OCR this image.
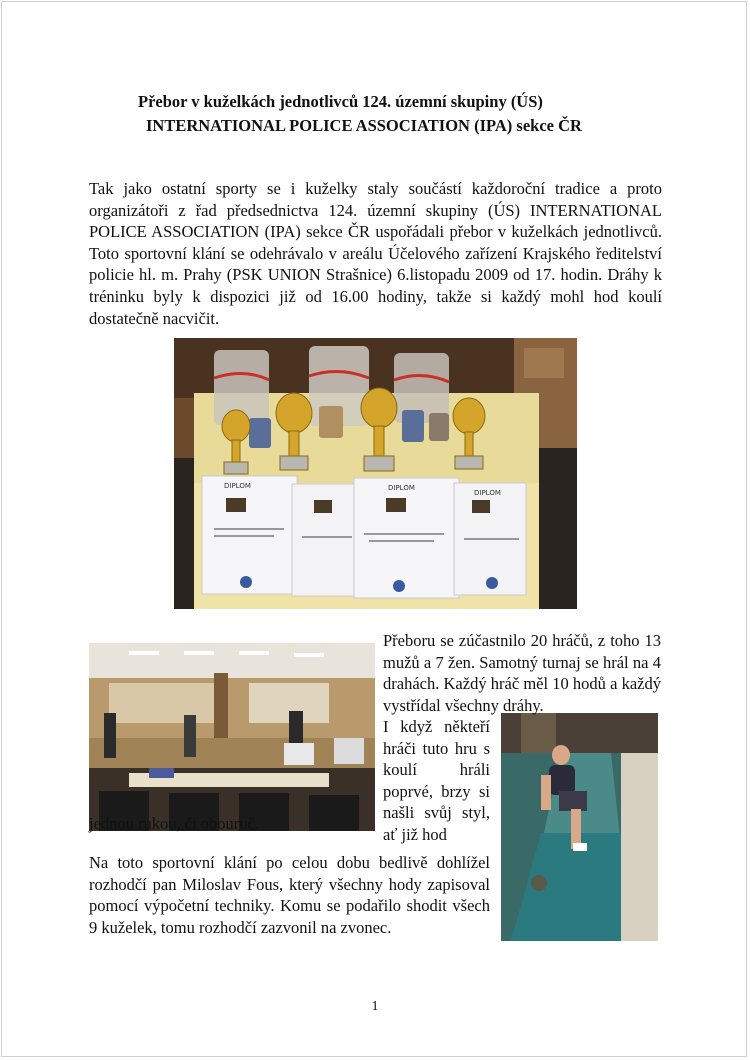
Přebor v kuželkách jednotlivců 124. územní skupiny (ÚS)
INTERNATIONAL POLICE ASSOCIATION (IPA) sekce ČR

Tak jako ostatní sporty se i kuželky staly součástí každoroční tradice a proto organizátoři z řad předsednictva 124. územní skupiny (ÚS) INTERNATIONAL POLICE ASSOCIATION (IPA) sekce ČR uspořádali přebor v kuželkách jednotlivců. Toto sportovní klání se odehrávalo v areálu Účelového zařízení Krajského ředitelství policie hl. m. Prahy (PSK UNION Strašnice) 6.listopadu 2009 od 17. hodin. Dráhy k tréninku byly k dispozici již od 16.00 hodiny, takže si každý mohl hod koulí dostatečně nacvičit.

DIPLOM	DIPLOM
DIPLOM

Přeboru se zúčastnilo 20 hráčů, z toho 13 mužů a 7 žen. Samotný turnaj se hrál na 4 drahách. Každý hráč měl 10 hodů a každý vystřídal všechny dráhy.

I když někteří hráči tuto hru s koulí hráli poprvé, brzy si našli svůj styl, ať již hod

jednou rukou, či obouruč.

Na toto sportovní klání po celou dobu bedlivě dohlížel rozhodčí pan Miloslav Fous, který všechny hody zapisoval pomocí výpočetní techniky. Komu se podařilo shodit všech 9 kuželek, tomu rozhodčí zazvonil na zvonec.

1
